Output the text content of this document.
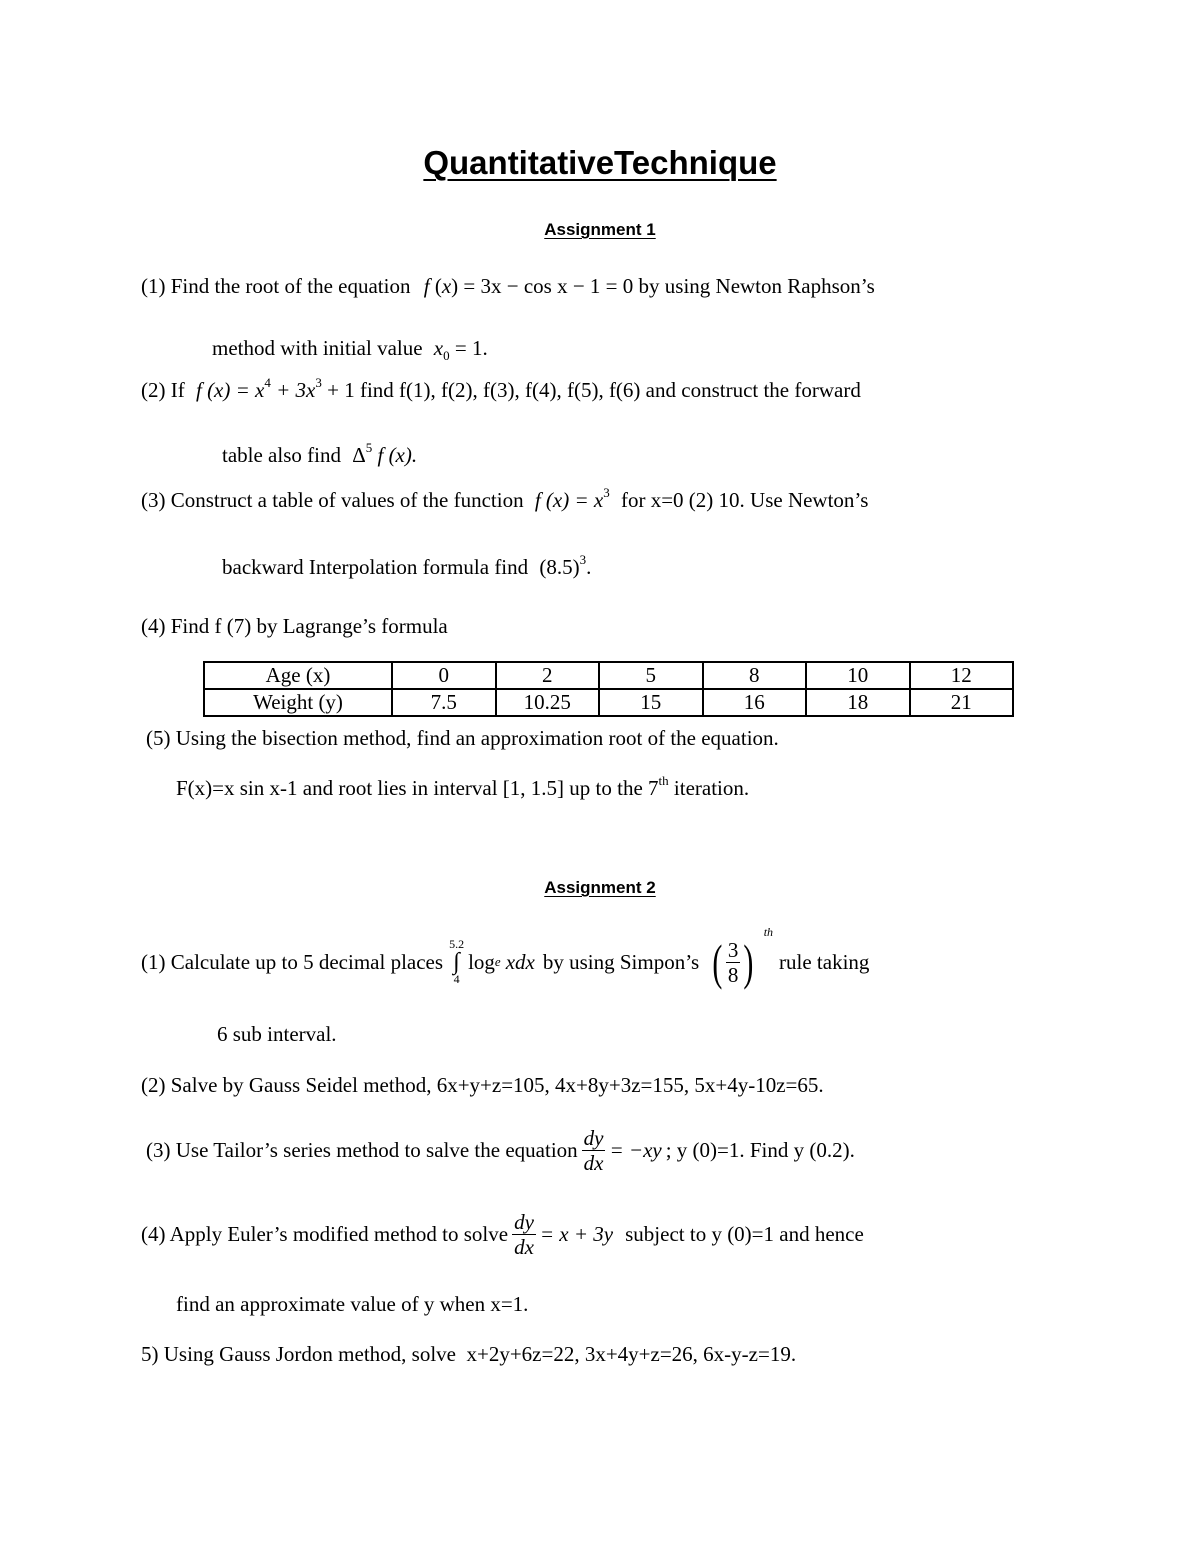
QuantitativeTechnique
Assignment 1
(1) Find the root of the equation f (x) = 3x − cos x − 1 = 0 by using Newton Raphson’s
method with initial value $x_0 = 1$.
(2) If f $(x) = x^4 + 3x^3 + 1$ find f(1), f(2), f(3), f(4), f(5), f(6) and construct the forward
table also find $\Delta^5$ f (x).
(3) Construct a table of values of the function f $(x) = x^3$ for x=0 (2) 10. Use Newton’s
backward Interpolation formula find $(8.5)^3$.
(4) Find f (7) by Lagrange’s formula
Age (x)	0	2	5	8	10	12
Weight (y)	7.5	10.25	15	16	18	21
(5) Using the bisection method, find an approximation root of the equation.
F(x)=x sin x-1 and root lies in interval [1, 1.5] up to the 7th iteration.
Assignment 2
(1) Calculate up to 5 decimal places
5.2
∫
4
log e xdx by using Simpon’s ( $\frac{3}{8}$ )
th
rule taking
6 sub interval.
(2) Salve by Gauss Seidel method, 6x+y+z=105, 4x+8y+3z=155, 5x+4y-10z=65.
(3) Use Tailor’s series method to salve the equation $\frac{dy}{dx} = -xy$ ; y (0)=1. Find y (0.2).
(4) Apply Euler’s modified method to solve $\frac{dy}{dx} = x + 3y$ subject to y (0)=1 and hence
find an approximate value of y when x=1.
5) Using Gauss Jordon method, solve  x+2y+6z=22, 3x+4y+z=26, 6x-y-z=19.
